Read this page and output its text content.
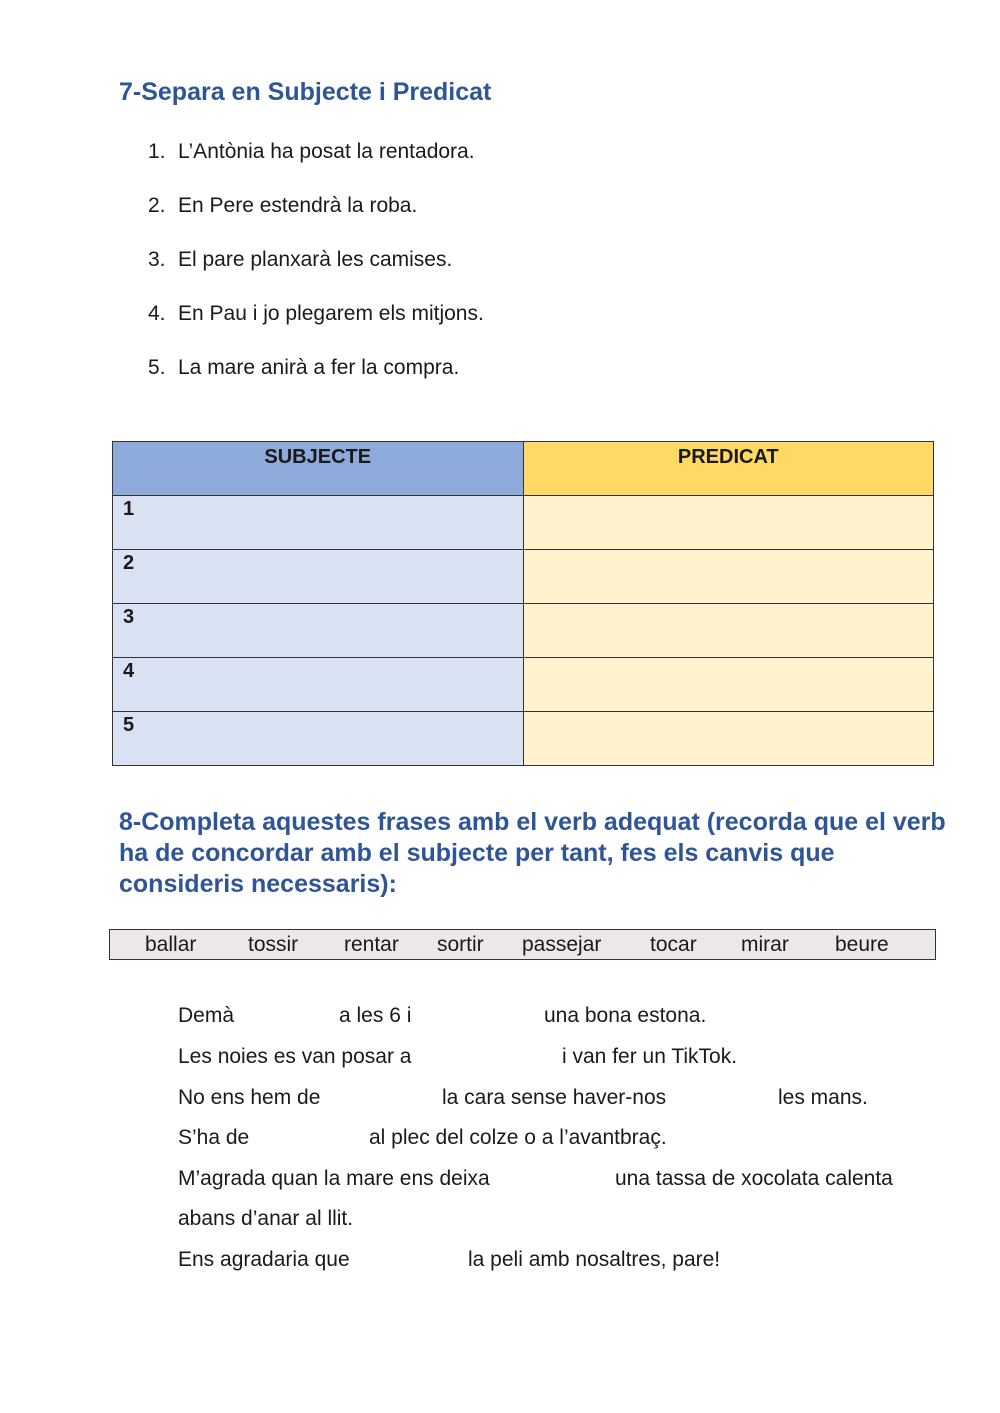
7-Separa en Subjecte i Predicat
1. L’Antònia ha posat la rentadora.
2. En Pere estendrà la roba.
3. El pare planxarà les camises.
4. En Pau i jo plegarem els mitjons.
5. La mare anirà a fer la compra.
SUBJECTE	PREDICAT
1	
2	
3	
4	
5	
8-Completa aquestes frases amb el verb adequat (recorda que el verb ha de concordar amb el subjecte per tant, fes els canvis que consideris necessaris):
ballar tossir rentar sortir passejar tocar mirar beure
Demà	a les 6 i	una bona estona.
Les noies es van posar a	i van fer un TikTok.
No ens hem de	la cara sense haver-nos	les mans.
S’ha de	al plec del colze o a l’avantbraç.
M’agrada quan la mare ens deixa	una tassa de xocolata calenta
abans d’anar al llit.
Ens agradaria que	la peli amb nosaltres, pare!
